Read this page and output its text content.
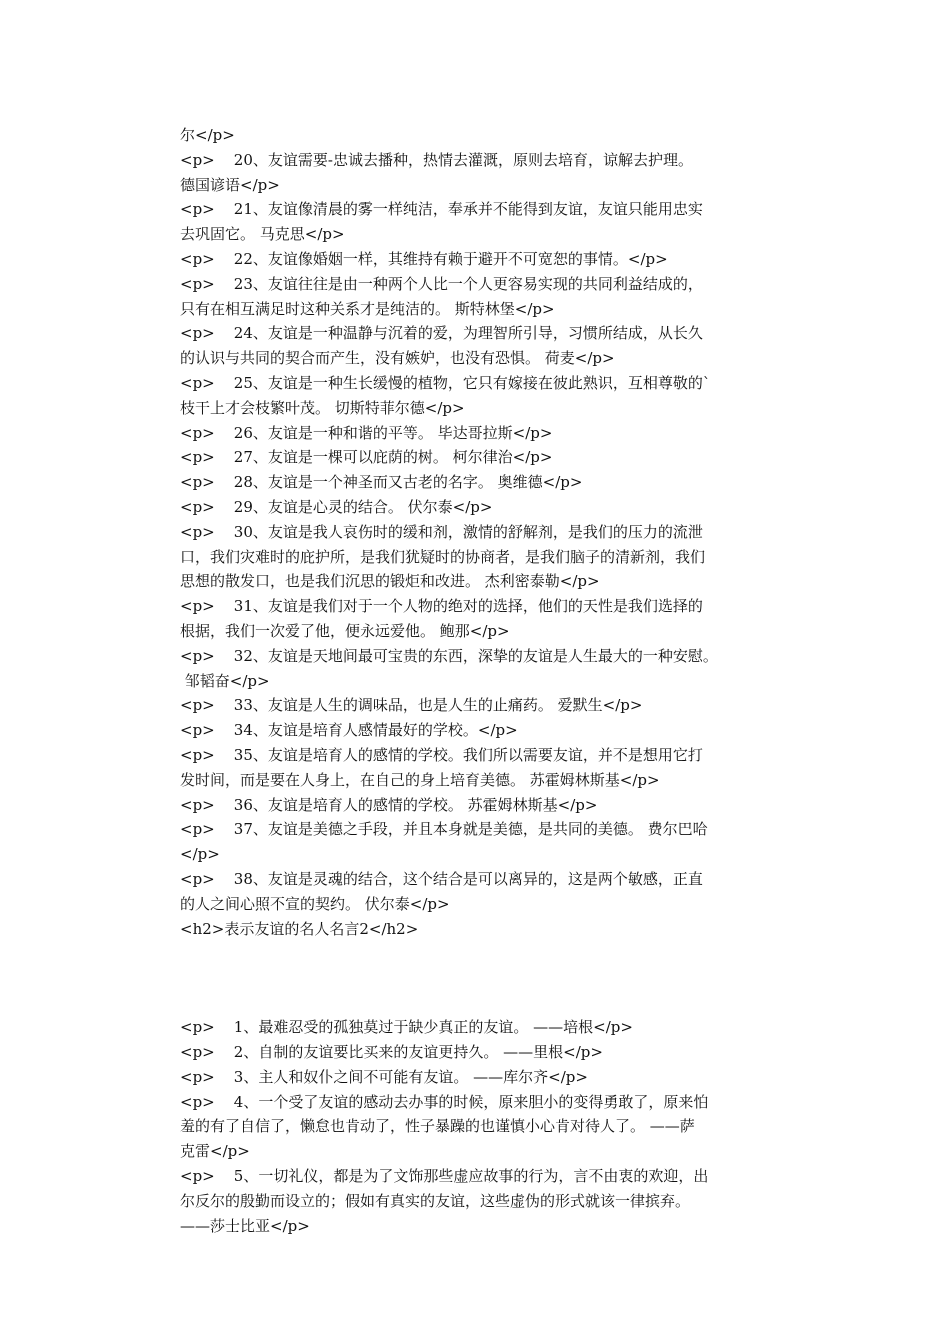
尔</p>
<p>    20、友谊需要-忠诚去播种，热情去灌溉，原则去培育，谅解去护理。
德国谚语</p>
<p>    21、友谊像清晨的雾一样纯洁，奉承并不能得到友谊，友谊只能用忠实
去巩固它。 马克思</p>
<p>    22、友谊像婚姻一样，其维持有赖于避开不可宽恕的事情。</p>
<p>    23、友谊往往是由一种两个人比一个人更容易实现的共同利益结成的，
只有在相互满足时这种关系才是纯洁的。 斯特林堡</p>
<p>    24、友谊是一种温静与沉着的爱，为理智所引导，习惯所结成，从长久
的认识与共同的契合而产生，没有嫉妒，也没有恐惧。 荷麦</p>
<p>    25、友谊是一种生长缓慢的植物，它只有嫁接在彼此熟识，互相尊敬的`
枝干上才会枝繁叶茂。 切斯特菲尔德</p>
<p>    26、友谊是一种和谐的平等。 毕达哥拉斯</p>
<p>    27、友谊是一棵可以庇荫的树。 柯尔律治</p>
<p>    28、友谊是一个神圣而又古老的名字。 奥维德</p>
<p>    29、友谊是心灵的结合。 伏尔泰</p>
<p>    30、友谊是我人哀伤时的缓和剂，激情的舒解剂，是我们的压力的流泄
口，我们灾难时的庇护所，是我们犹疑时的协商者，是我们脑子的清新剂，我们
思想的散发口，也是我们沉思的锻炬和改进。 杰利密泰勒</p>
<p>    31、友谊是我们对于一个人物的绝对的选择，他们的天性是我们选择的
根据，我们一次爱了他，便永远爱他。 鲍那</p>
<p>    32、友谊是天地间最可宝贵的东西，深挚的友谊是人生最大的一种安慰。
邹韬奋</p>
<p>    33、友谊是人生的调味品，也是人生的止痛药。 爱默生</p>
<p>    34、友谊是培育人感情最好的学校。</p>
<p>    35、友谊是培育人的感情的学校。我们所以需要友谊，并不是想用它打
发时间，而是要在人身上，在自己的身上培育美德。 苏霍姆林斯基</p>
<p>    36、友谊是培育人的感情的学校。 苏霍姆林斯基</p>
<p>    37、友谊是美德之手段，并且本身就是美德，是共同的美德。 费尔巴哈
</p>
<p>    38、友谊是灵魂的结合，这个结合是可以离异的，这是两个敏感，正直
的人之间心照不宣的契约。 伏尔泰</p>
<h2>表示友谊的名人名言2</h2>
<p>    1、最难忍受的孤独莫过于缺少真正的友谊。 ——培根</p>
<p>    2、自制的友谊要比买来的友谊更持久。 ——里根</p>
<p>    3、主人和奴仆之间不可能有友谊。 ——库尔齐</p>
<p>    4、一个受了友谊的感动去办事的时候，原来胆小的变得勇敢了，原来怕
羞的有了自信了，懒怠也肯动了，性子暴躁的也谨慎小心肯对待人了。 ——萨
克雷</p>
<p>    5、一切礼仪，都是为了文饰那些虚应故事的行为，言不由衷的欢迎，出
尔反尔的殷勤而设立的；假如有真实的友谊，这些虚伪的形式就该一律摈弃。
——莎士比亚</p>
